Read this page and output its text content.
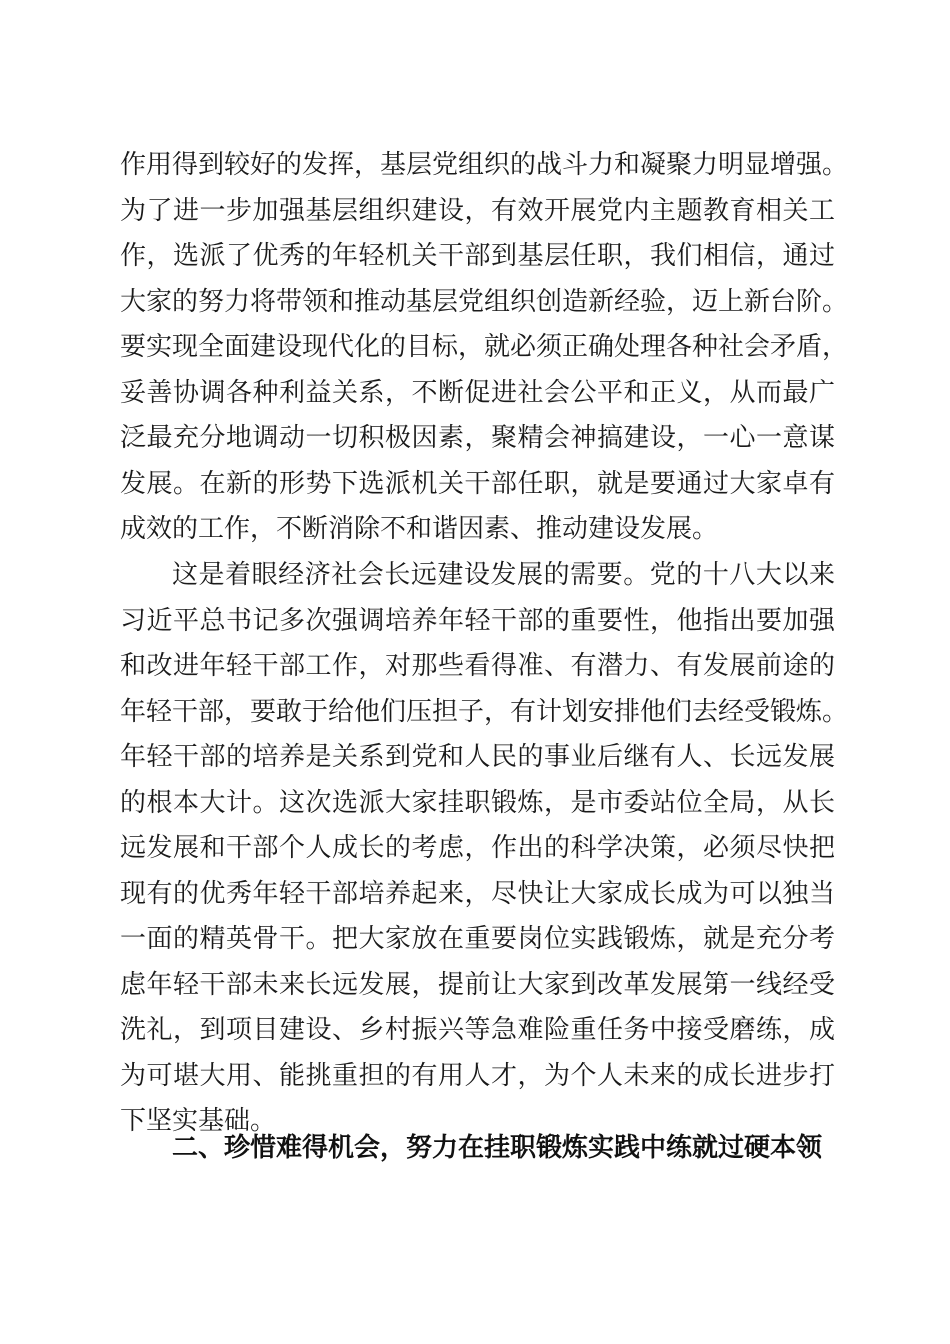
作用得到较好的发挥，基层党组织的战斗力和凝聚力明显增强。
为了进一步加强基层组织建设，有效开展党内主题教育相关工
作，选派了优秀的年轻机关干部到基层任职，我们相信，通过
大家的努力将带领和推动基层党组织创造新经验，迈上新台阶。
要实现全面建设现代化的目标，就必须正确处理各种社会矛盾，
妥善协调各种利益关系，不断促进社会公平和正义，从而最广
泛最充分地调动一切积极因素，聚精会神搞建设，一心一意谋
发展。在新的形势下选派机关干部任职，就是要通过大家卓有
成效的工作，不断消除不和谐因素、推动建设发展。
这是着眼经济社会长远建设发展的需要。党的十八大以来
习近平总书记多次强调培养年轻干部的重要性，他指出要加强
和改进年轻干部工作，对那些看得准、有潜力、有发展前途的
年轻干部，要敢于给他们压担子，有计划安排他们去经受锻炼。
年轻干部的培养是关系到党和人民的事业后继有人、长远发展
的根本大计。这次选派大家挂职锻炼，是市委站位全局，从长
远发展和干部个人成长的考虑，作出的科学决策，必须尽快把
现有的优秀年轻干部培养起来，尽快让大家成长成为可以独当
一面的精英骨干。把大家放在重要岗位实践锻炼，就是充分考
虑年轻干部未来长远发展，提前让大家到改革发展第一线经受
洗礼，到项目建设、乡村振兴等急难险重任务中接受磨练，成
为可堪大用、能挑重担的有用人才，为个人未来的成长进步打
下坚实基础。
二、珍惜难得机会，努力在挂职锻炼实践中练就过硬本领
